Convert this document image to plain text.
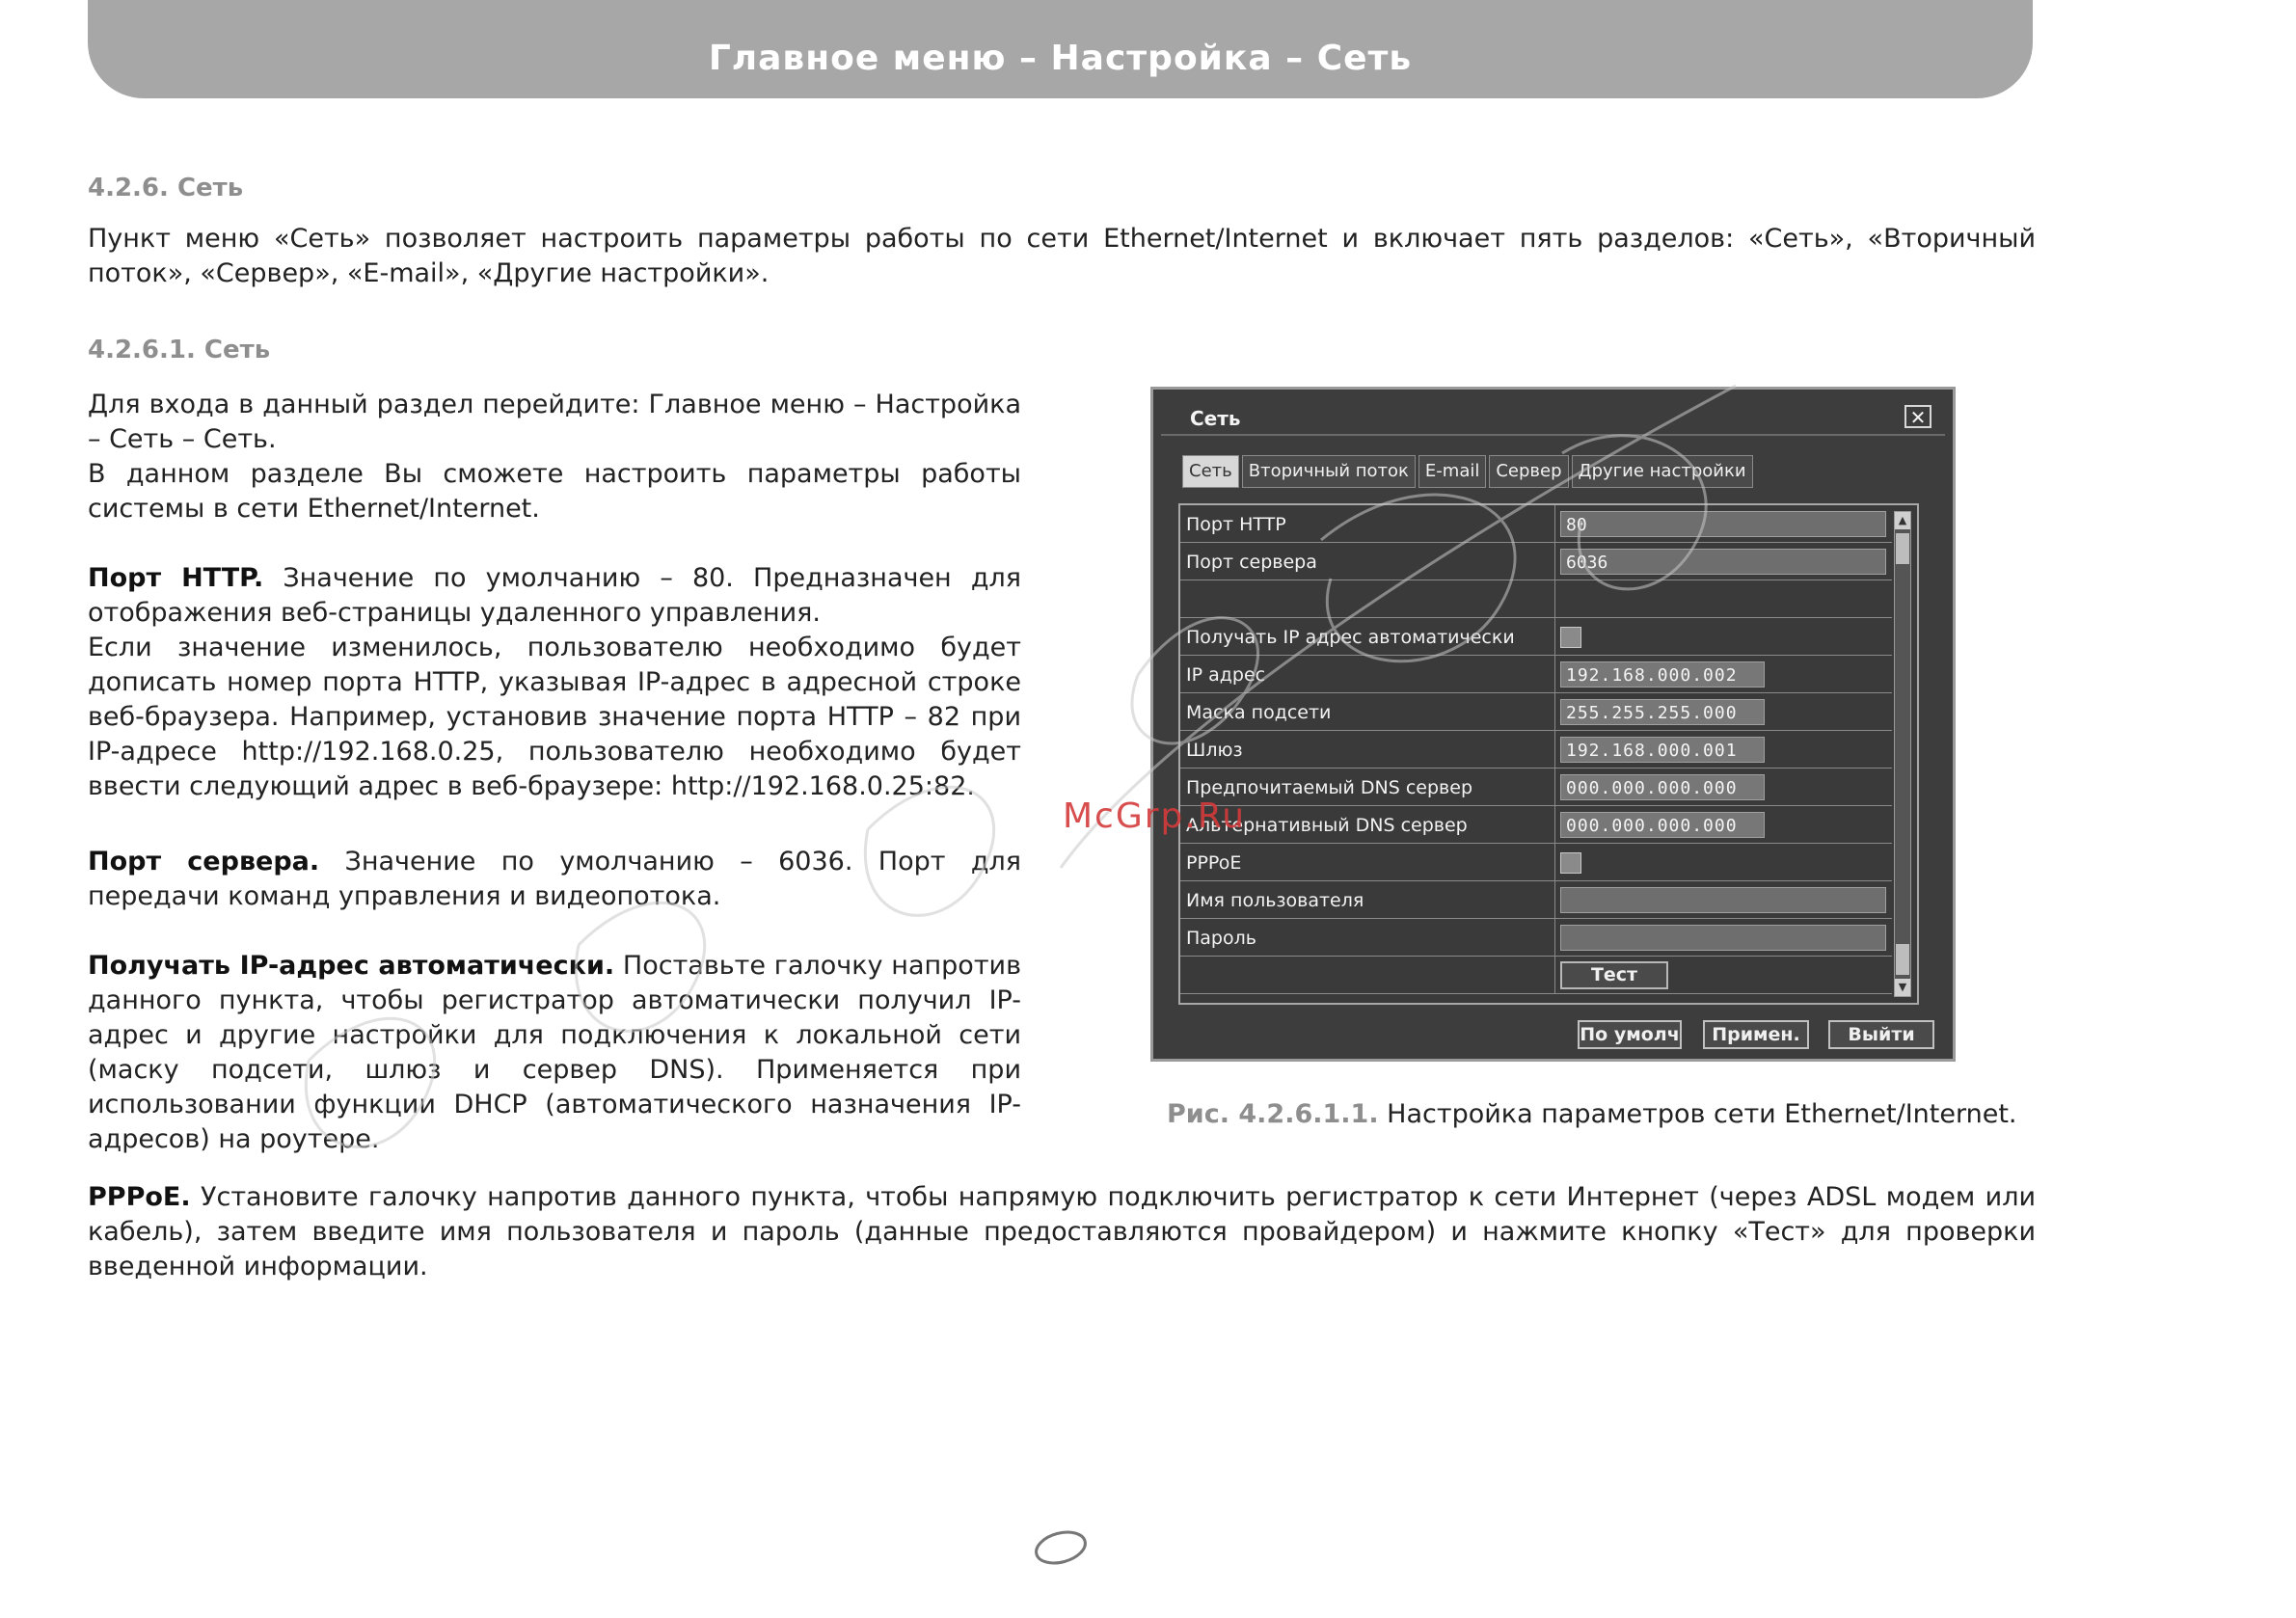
Главное меню – Настройка – Сеть
4.2.6. Сеть
Пункт меню «Сеть» позволяет настроить параметры работы по сети Ethernet/Internet и включает пять разделов: «Сеть», «Вторичный поток», «Сервер», «E-mail», «Другие настройки».
4.2.6.1. Сеть
Для входа в данный раздел перейдите: Главное меню – Настройка – Сеть – Сеть.
В данном разделе Вы сможете настроить параметры работы системы в сети Ethernet/Internet.
Порт HTTP. Значение по умолчанию – 80. Предназначен для отображения веб-страницы удаленного управления.
Если значение изменилось, пользователю необходимо будет дописать номер порта HTTP, указывая IP-адрес в адресной строке веб-браузера. Например, установив значение порта HTTP – 82 при IP-адресе http://192.168.0.25, пользователю необходимо будет ввести следующий адрес в веб-браузере: http://192.168.0.25:82.
Порт сервера. Значение по умолчанию – 6036. Порт для передачи команд управления и видеопотока.
Получать IP-адрес автоматически. Поставьте галочку напротив данного пункта, чтобы регистратор автоматически получил IP-адрес и другие настройки для подключения к локальной сети (маску подсети, шлюз и сервер DNS). Применяется при использовании функции DHCP (автоматического назначения IP-адресов) на роутере.
PPPoE. Установите галочку напротив данного пункта, чтобы напрямую подключить регистратор к сети Интернет (через ADSL модем или кабель), затем введите имя пользователя и пароль (данные предоставляются провайдером) и нажмите кнопку «Тест» для проверки введенной информации.
Сеть	✕
Сеть Вторичный поток E-mail Сервер Другие настройки
Порт HTTP	80
Порт сервера	6036
Получать IP адрес автоматически
IP адрес	192.168.000.002
Маска подсети	255.255.255.000
Шлюз	192.168.000.001
Предпочитаемый DNS сервер	000.000.000.000
Альтернативный DNS сервер	000.000.000.000
PPPoE
Имя пользователя
Пароль
Тест
▲
▼
По умолч	Примен.	Выйти
Рис. 4.2.6.1.1. Настройка параметров сети Ethernet/Internet.
McGrp.Ru
